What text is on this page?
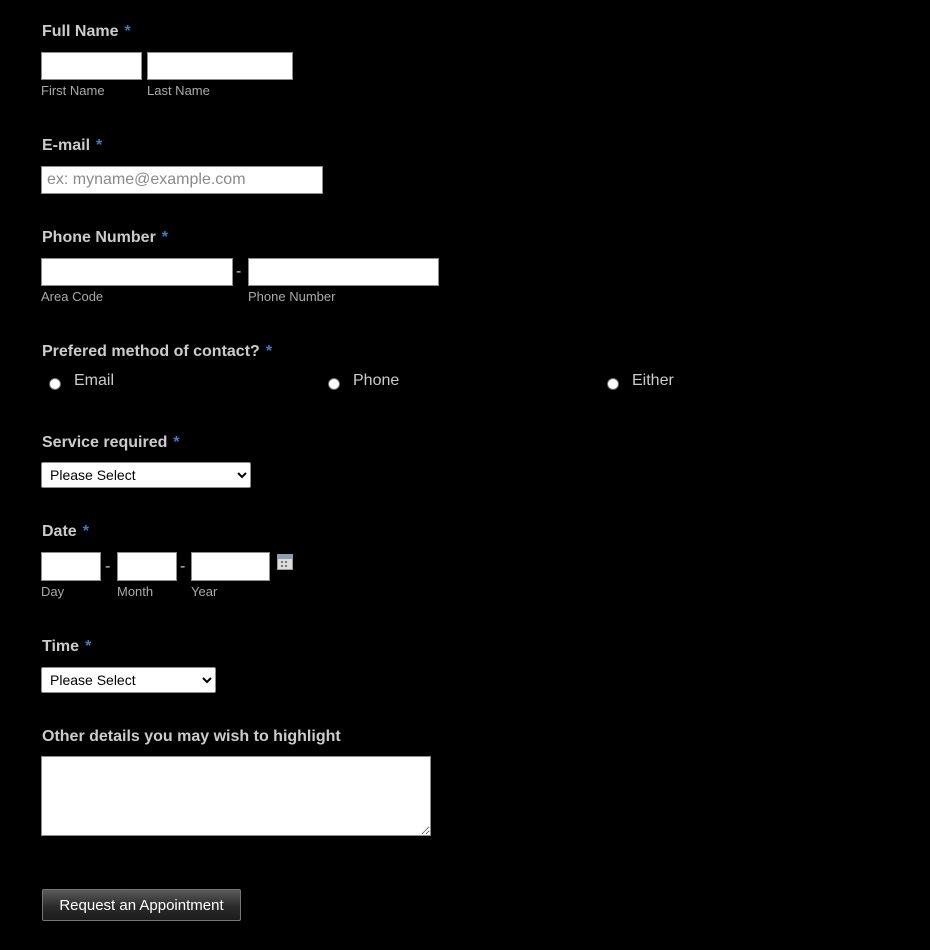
Full Name *
First Name	Last Name
E-mail *
ex: myname@example.com
Phone Number *
-
Area Code	Phone Number
Prefered method of contact? *
Email	Phone	Either
Service required *
Please Select
Date *
-	-
Day	Month	Year
Time *
Please Select
Other details you may wish to highlight
Request an Appointment
